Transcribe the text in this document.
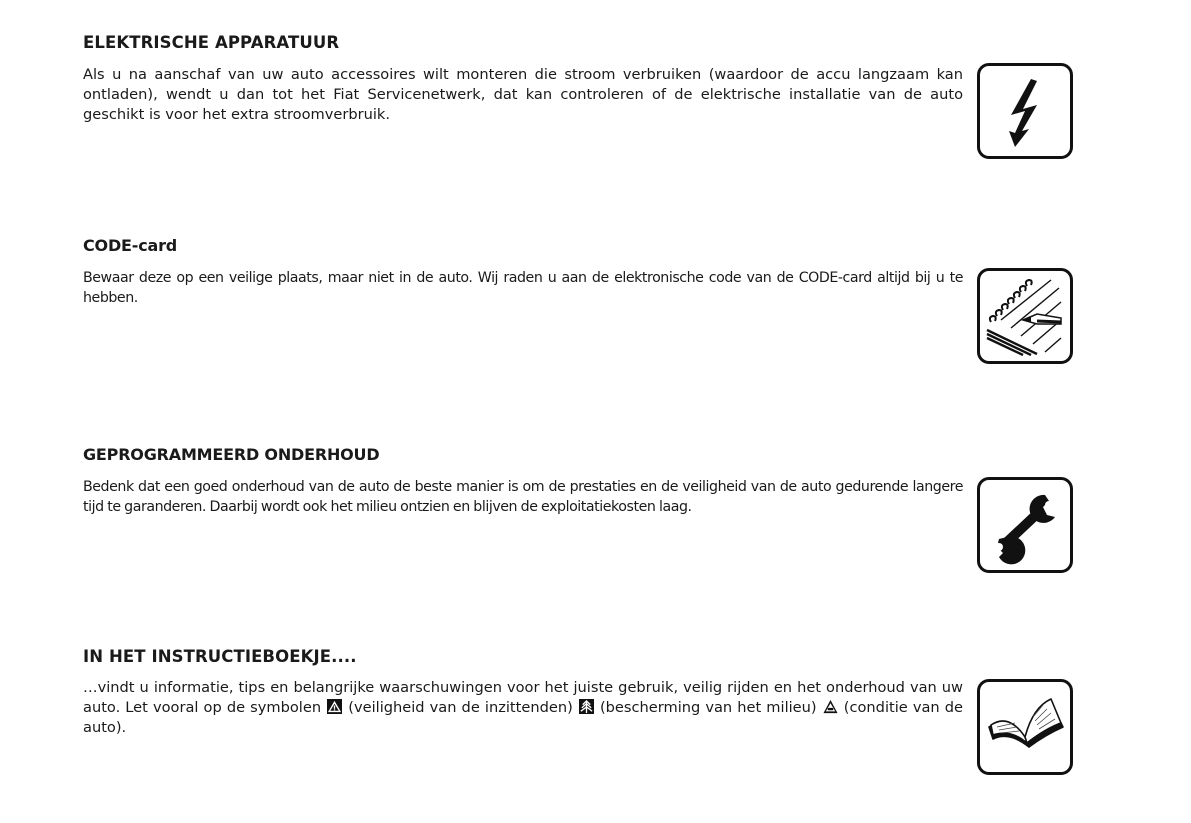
ELEKTRISCHE APPARATUUR

Als u na aanschaf van uw auto accessoires wilt monteren die stroom verbruiken (waardoor de accu langzaam kan ontladen), wendt u dan tot het Fiat Servicenetwerk, dat kan controleren of de elektrische installatie van de auto geschikt is voor het extra stroomverbruik.

CODE-card

Bewaar deze op een veilige plaats, maar niet in de auto. Wij raden u aan de elektronische code van de CODE-card altijd bij u te hebben.

GEPROGRAMMEERD ONDERHOUD

Bedenk dat een goed onderhoud van de auto de beste manier is om de prestaties en de veiligheid van de auto gedurende langere tijd te garanderen. Daarbij wordt ook het milieu ontzien en blijven de exploitatiekosten laag.

IN HET INSTRUCTIEBOEKJE....

…vindt u informatie, tips en belangrijke waarschuwingen voor het juiste gebruik, veilig rijden en het onderhoud van uw auto. Let vooral op de symbolen
(veiligheid van de inzittenden)
(bescherming van het milieu)
(conditie van de auto).
